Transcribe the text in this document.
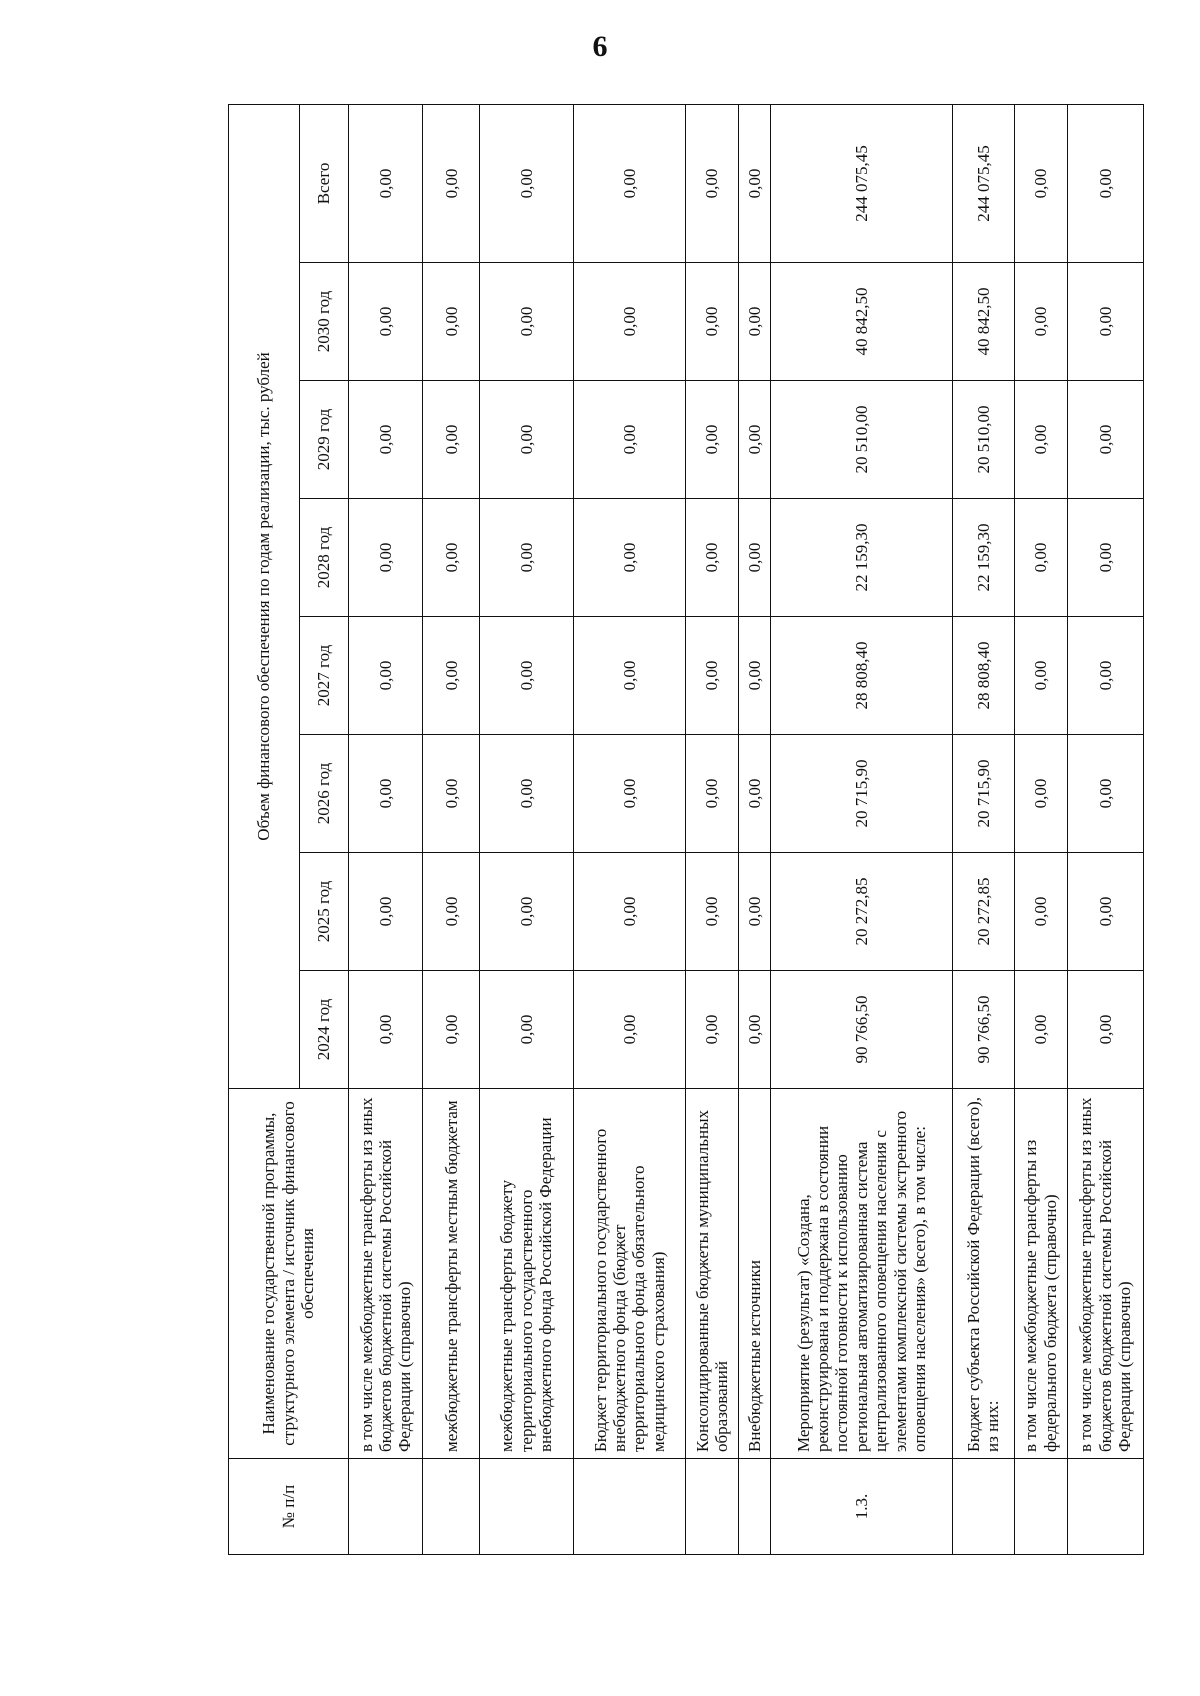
6
№ п/п	Наименование государственной программы, структурного элемента / источник финансового обеспечения	Объем финансового обеспечения по годам реализации, тыс. рублей							
		2024 год	2025 год	2026 год	2027 год	2028 год	2029 год	2030 год	Всего
	в том числе межбюджетные трансферты из иных бюджетов бюджетной системы Российской Федерации (справочно)	0,00	0,00	0,00	0,00	0,00	0,00	0,00	0,00
	межбюджетные трансферты местным бюджетам	0,00	0,00	0,00	0,00	0,00	0,00	0,00	0,00
	межбюджетные трансферты бюджету территориального государственного внебюджетного фонда Российской Федерации	0,00	0,00	0,00	0,00	0,00	0,00	0,00	0,00
	Бюджет территориального государственного внебюджетного фонда (бюджет территориального фонда обязательного медицинского страхования)	0,00	0,00	0,00	0,00	0,00	0,00	0,00	0,00
	Консолидированные бюджеты муниципальных образований	0,00	0,00	0,00	0,00	0,00	0,00	0,00	0,00
	Внебюджетные источники	0,00	0,00	0,00	0,00	0,00	0,00	0,00	0,00
1.3.	Мероприятие (результат) «Создана, реконструирована и поддержана в состоянии постоянной готовности к использованию региональная автоматизированная система централизованного оповещения населения с элементами комплексной системы экстренного оповещения населения» (всего), в том числе:	90 766,50	20 272,85	20 715,90	28 808,40	22 159,30	20 510,00	40 842,50	244 075,45
	Бюджет субъекта Российской Федерации (всего), из них:	90 766,50	20 272,85	20 715,90	28 808,40	22 159,30	20 510,00	40 842,50	244 075,45
	в том числе межбюджетные трансферты из федерального бюджета (справочно)	0,00	0,00	0,00	0,00	0,00	0,00	0,00	0,00
	в том числе межбюджетные трансферты из иных бюджетов бюджетной системы Российской Федерации (справочно)	0,00	0,00	0,00	0,00	0,00	0,00	0,00	0,00
